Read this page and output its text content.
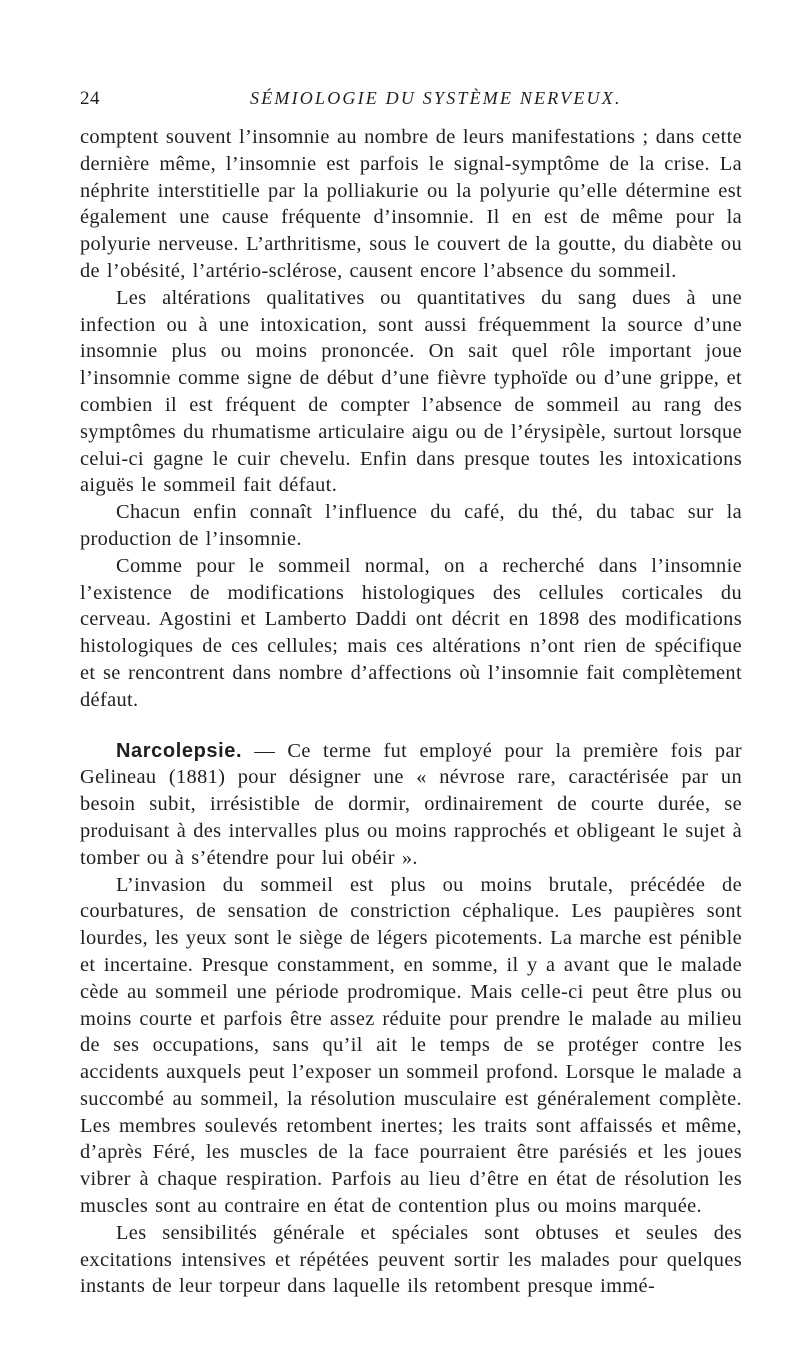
24	SÉMIOLOGIE DU SYSTÈME NERVEUX.

comptent souvent l’insomnie au nombre de leurs manifestations ; dans cette dernière même, l’insomnie est parfois le signal-symptôme de la crise. La néphrite interstitielle par la polliakurie ou la polyurie qu’elle détermine est également une cause fréquente d’insomnie. Il en est de même pour la polyurie nerveuse. L’arthritisme, sous le couvert de la goutte, du diabète ou de l’obésité, l’artério-sclérose, causent encore l’absence du sommeil.

Les altérations qualitatives ou quantitatives du sang dues à une infection ou à une intoxication, sont aussi fréquemment la source d’une insomnie plus ou moins prononcée. On sait quel rôle important joue l’insomnie comme signe de début d’une fièvre typhoïde ou d’une grippe, et combien il est fréquent de compter l’absence de sommeil au rang des symptômes du rhumatisme articulaire aigu ou de l’érysipèle, surtout lorsque celui-ci gagne le cuir chevelu. Enfin dans presque toutes les intoxications aiguës le sommeil fait défaut.

Chacun enfin connaît l’influence du café, du thé, du tabac sur la production de l’insomnie.

Comme pour le sommeil normal, on a recherché dans l’insomnie l’existence de modifications histologiques des cellules corticales du cerveau. Agostini et Lamberto Daddi ont décrit en 1898 des modifications histologiques de ces cellules; mais ces altérations n’ont rien de spécifique et se rencontrent dans nombre d’affections où l’insomnie fait complètement défaut.

Narcolepsie. — Ce terme fut employé pour la première fois par Gelineau (1881) pour désigner une « névrose rare, caractérisée par un besoin subit, irrésistible de dormir, ordinairement de courte durée, se produisant à des intervalles plus ou moins rapprochés et obligeant le sujet à tomber ou à s’étendre pour lui obéir ».

L’invasion du sommeil est plus ou moins brutale, précédée de courbatures, de sensation de constriction céphalique. Les paupières sont lourdes, les yeux sont le siège de légers picotements. La marche est pénible et incertaine. Presque constamment, en somme, il y a avant que le malade cède au sommeil une période prodromique. Mais celle-ci peut être plus ou moins courte et parfois être assez réduite pour prendre le malade au milieu de ses occupations, sans qu’il ait le temps de se protéger contre les accidents auxquels peut l’exposer un sommeil profond. Lorsque le malade a succombé au sommeil, la résolution musculaire est généralement complète. Les membres soulevés retombent inertes; les traits sont affaissés et même, d’après Féré, les muscles de la face pourraient être parésiés et les joues vibrer à chaque respiration. Parfois au lieu d’être en état de résolution les muscles sont au contraire en état de contention plus ou moins marquée.

Les sensibilités générale et spéciales sont obtuses et seules des excitations intensives et répétées peuvent sortir les malades pour quelques instants de leur torpeur dans laquelle ils retombent presque immé-
